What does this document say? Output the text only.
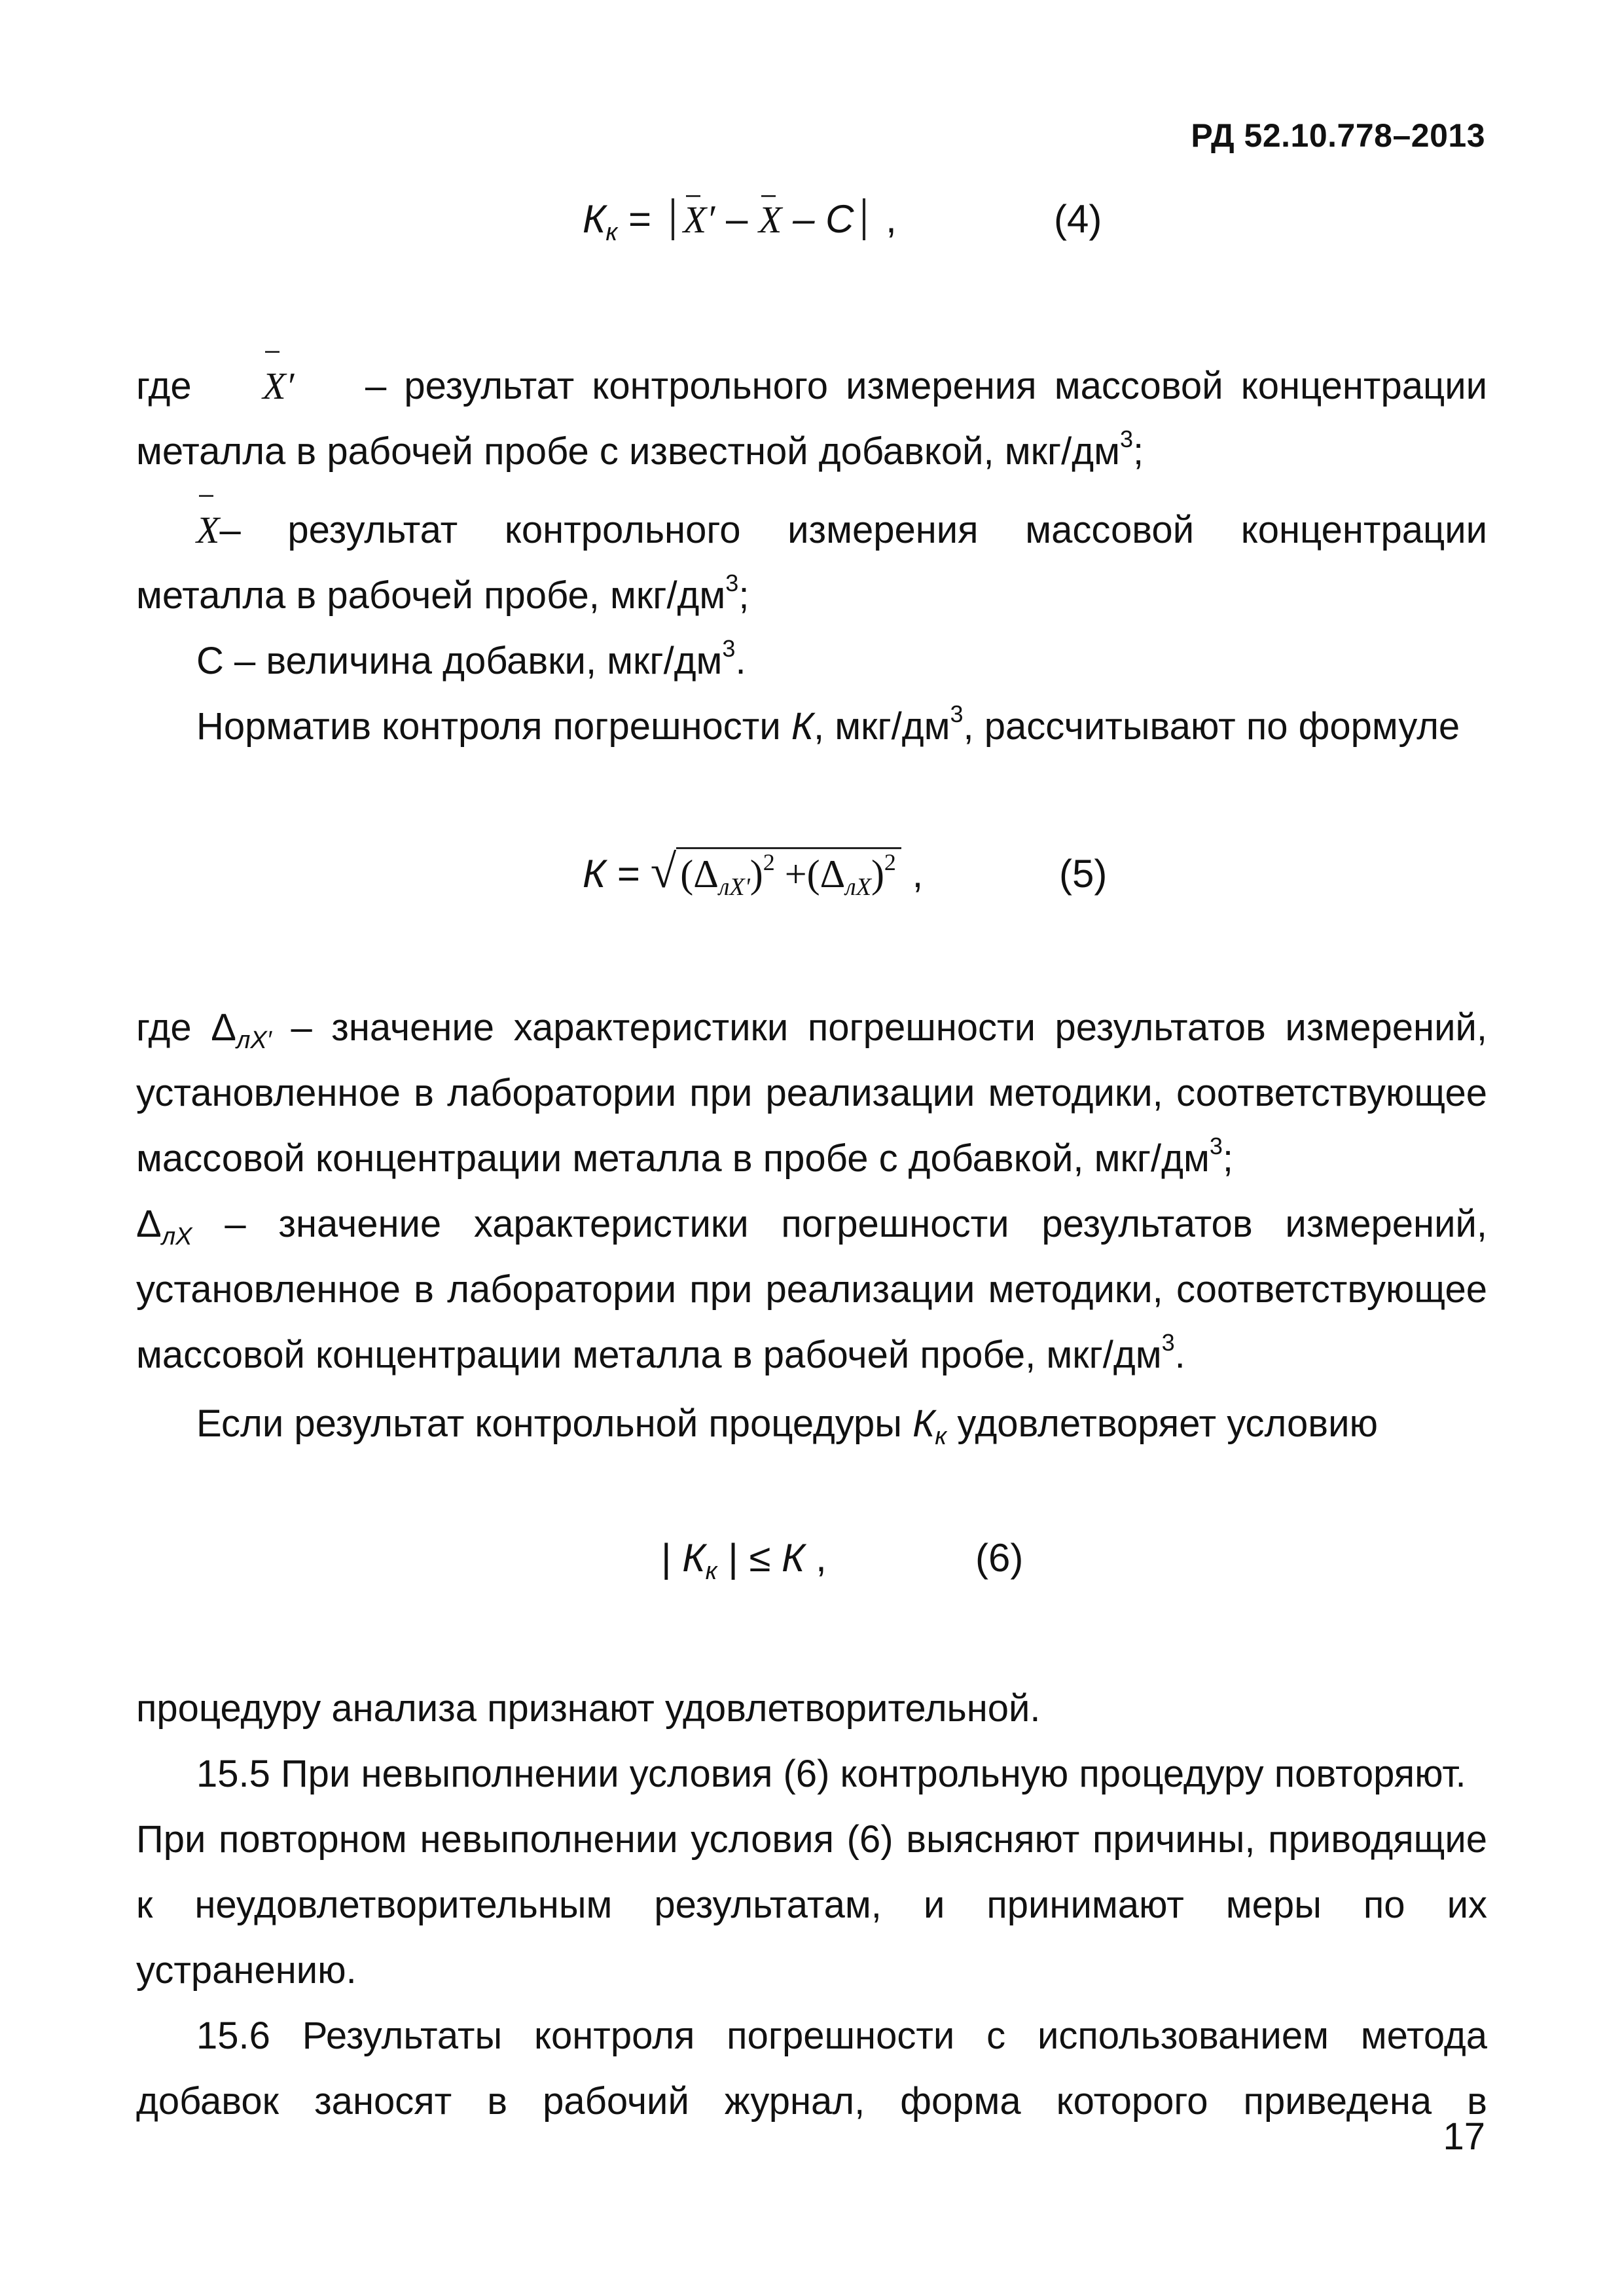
РД 52.10.778–2013
$К_к = X' - X - С$ ,	(4)
где X′ – результат контрольного измерения массовой концентрации
металла в рабочей пробе с известной добавкой, мкг/$дм^3$;
X– результат контрольного измерения массовой концентрации
металла в рабочей пробе, мкг/$дм^3$;
С – величина добавки, мкг/$дм^3$.
Норматив контроля погрешности К, мкг/$дм^3$, рассчитывают по формуле
К = √ $(\Delta_{лX'})^2 +(\Delta_{лX})^2$ ,	(5)
где $\Delta_{лX'}$ – значение характеристики погрешности результатов измерений,
установленное в лаборатории при реализации методики, соответствующее
массовой концентрации металла в пробе с добавкой, мкг/$дм^3$;
$\Delta_{лX}$ – значение характеристики погрешности результатов измерений,
установленное в лаборатории при реализации методики, соответствующее
массовой концентрации металла в рабочей пробе, мкг/$дм^3$.
Если результат контрольной процедуры $К_к$ удовлетворяет условию
| $К_к$ | ≤ К ,	(6)
процедуру анализа признают удовлетворительной.
15.5 При невыполнении условия (6) контрольную процедуру повторяют.
При повторном невыполнении условия (6) выясняют причины, приводящие
к неудовлетворительным результатам, и принимают меры по их
устранению.
15.6 Результаты контроля погрешности с использованием метода
добавок заносят в рабочий журнал, форма которого приведена в
17
